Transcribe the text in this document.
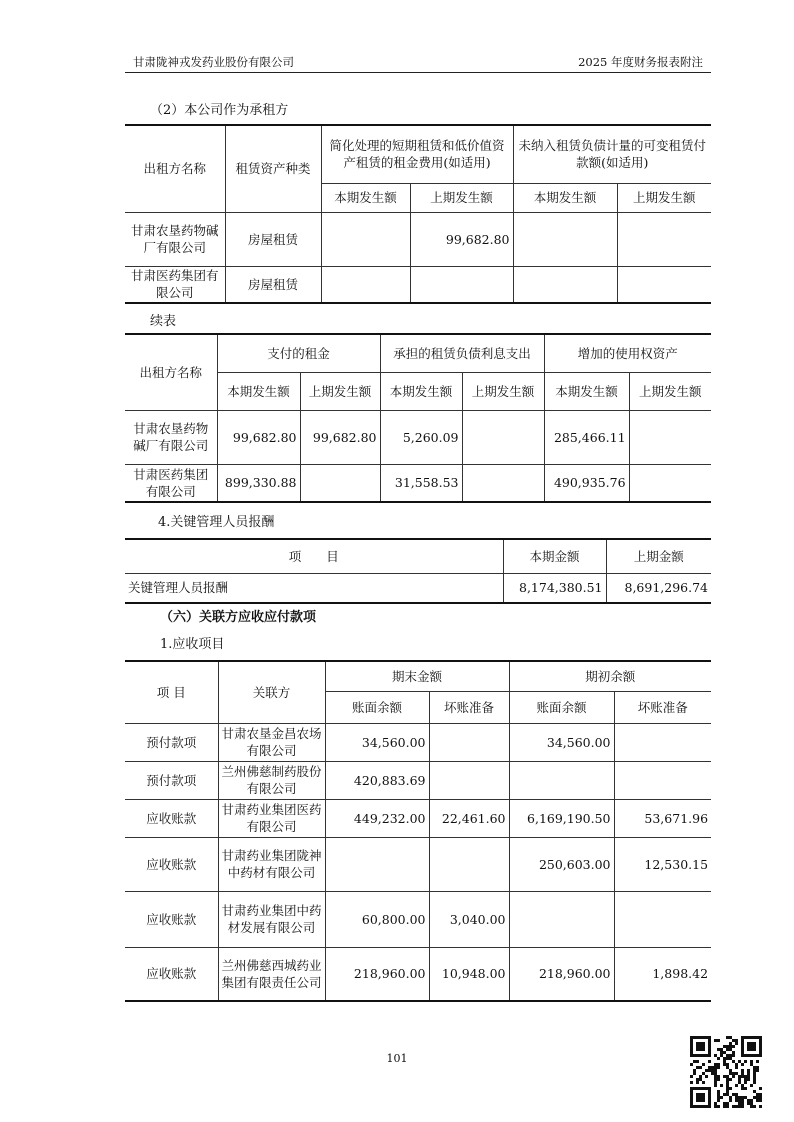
甘肃陇神戎发药业股份有限公司	2025 年度财务报表附注
（2）本公司作为承租方
出租方名称	租赁资产种类	简化处理的短期租赁和低价值资产租赁的租金费用(如适用)		未纳入租赁负债计量的可变租赁付款额(如适用)	
		本期发生额	上期发生额	本期发生额	上期发生额
甘肃农垦药物碱厂有限公司	房屋租赁		99,682.80		
甘肃医药集团有限公司	房屋租赁				
续表
出租方名称	支付的租金		承担的租赁负债利息支出		增加的使用权资产	
	本期发生额	上期发生额	本期发生额	上期发生额	本期发生额	上期发生额
甘肃农垦药物碱厂有限公司	99,682.80	99,682.80	5,260.09		285,466.11	
甘肃医药集团有限公司	899,330.88		31,558.53		490,935.76	
4.关键管理人员报酬
项　　目	本期金额	上期金额
关键管理人员报酬	8,174,380.51	8,691,296.74
（六）关联方应收应付款项
1.应收项目
项 目	关联方	期末金额		期初余额	
		账面余额	坏账准备	账面余额	坏账准备
预付款项	甘肃农垦金昌农场有限公司	34,560.00		34,560.00	
预付款项	兰州佛慈制药股份有限公司	420,883.69			
应收账款	甘肃药业集团医药有限公司	449,232.00	22,461.60	6,169,190.50	53,671.96
应收账款	甘肃药业集团陇神中药材有限公司			250,603.00	12,530.15
应收账款	甘肃药业集团中药材发展有限公司	60,800.00	3,040.00		
应收账款	兰州佛慈西城药业集团有限责任公司	218,960.00	10,948.00	218,960.00	1,898.42
101
